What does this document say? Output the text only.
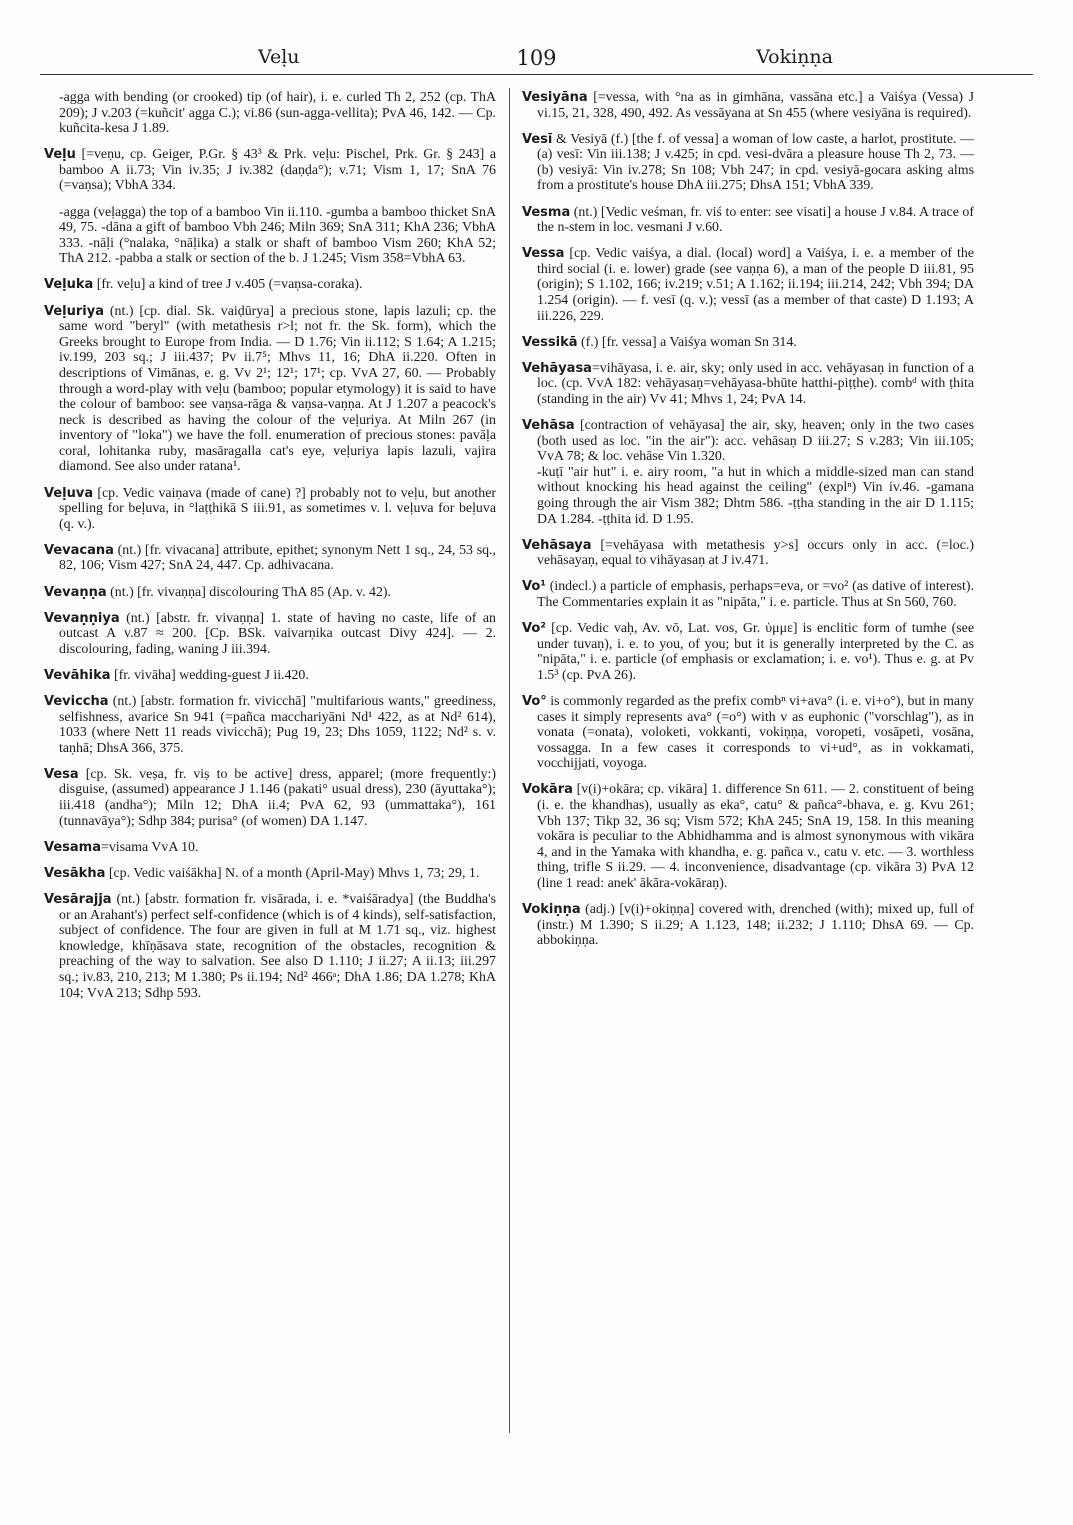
Veḷu	109	Vokiṇṇa

-agga with bending (or crooked) tip (of hair), i. e. curled Th 2, 252 (cp. ThA 209); J v.203 (=kuñcit' agga C.); vi.86 (sun-agga-vellita); PvA 46, 142. — Cp. kuñcita-kesa J 1.89.

Veḷu [=veṇu, cp. Geiger, P.Gr. § 43³ & Prk. veḷu: Pischel, Prk. Gr. § 243] a bamboo A ii.73; Vin iv.35; J iv.382 (daṇḍa°); v.71; Vism 1, 17; SnA 76 (=vaṇsa); VbhA 334.

-agga (veḷagga) the top of a bamboo Vin ii.110. -gumba a bamboo thicket SnA 49, 75. -dāna a gift of bamboo Vbh 246; Miln 369; SnA 311; KhA 236; VbhA 333. -nāḷi (°nalaka, °nāḷika) a stalk or shaft of bamboo Vism 260; KhA 52; ThA 212. -pabba a stalk or section of the b. J 1.245; Vism 358=VbhA 63.

Veḷuka [fr. veḷu] a kind of tree J v.405 (=vaṇsa-coraka).

Veḷuriya (nt.) [cp. dial. Sk. vaiḍūrya] a precious stone, lapis lazuli; cp. the same word "beryl" (with metathesis r>l; not fr. the Sk. form), which the Greeks brought to Europe from India. — D 1.76; Vin ii.112; S 1.64; A 1.215; iv.199, 203 sq.; J iii.437; Pv ii.7⁵; Mhvs 11, 16; DhA ii.220. Often in descriptions of Vimānas, e. g. Vv 2¹; 12¹; 17¹; cp. VvA 27, 60. — Probably through a word-play with veḷu (bamboo; popular etymology) it is said to have the colour of bamboo: see vaṇsa-rāga & vaṇsa-vaṇṇa. At J 1.207 a peacock's neck is described as having the colour of the veḷuriya. At Miln 267 (in inventory of "loka") we have the foll. enumeration of precious stones: pavāḷa coral, lohitanka ruby, masāragalla cat's eye, veḷuriya lapis lazuli, vajira diamond. See also under ratana¹.

Veḷuva [cp. Vedic vaiṇava (made of cane) ?] probably not to veḷu, but another spelling for beḷuva, in °laṭṭhikā S iii.91, as sometimes v. l. veḷuva for beḷuva (q. v.).

Vevacana (nt.) [fr. vivacana] attribute, epithet; synonym Nett 1 sq., 24, 53 sq., 82, 106; Vism 427; SnA 24, 447. Cp. adhivacana.

Vevaṇṇa (nt.) [fr. vivaṇṇa] discolouring ThA 85 (Ap. v. 42).

Vevaṇṇiya (nt.) [abstr. fr. vivaṇṇa] 1. state of having no caste, life of an outcast A v.87 ≈ 200. [Cp. BSk. vaivarṇika outcast Divy 424]. — 2. discolouring, fading, waning J iii.394.

Vevāhika [fr. vivāha] wedding-guest J ii.420.

Veviccha (nt.) [abstr. formation fr. vivicchā] "multifarious wants," greediness, selfishness, avarice Sn 941 (=pañca macchariyāni Nd¹ 422, as at Nd² 614), 1033 (where Nett 11 reads vivicchā); Pug 19, 23; Dhs 1059, 1122; Nd² s. v. taṇhā; DhsA 366, 375.

Vesa [cp. Sk. veṣa, fr. viṣ to be active] dress, apparel; (more frequently:) disguise, (assumed) appearance J 1.146 (pakati° usual dress), 230 (āyuttaka°); iii.418 (andha°); Miln 12; DhA ii.4; PvA 62, 93 (ummattaka°), 161 (tunnavāya°); Sdhp 384; purisa° (of women) DA 1.147.

Vesama=visama VvA 10.

Vesākha [cp. Vedic vaiśākha] N. of a month (April-May) Mhvs 1, 73; 29, 1.

Vesārajja (nt.) [abstr. formation fr. visārada, i. e. *vaiśāradya] (the Buddha's or an Arahant's) perfect self-confidence (which is of 4 kinds), self-satisfaction, subject of confidence. The four are given in full at M 1.71 sq., viz. highest knowledge, khīṇāsava state, recognition of the obstacles, recognition & preaching of the way to salvation. See also D 1.110; J ii.27; A ii.13; iii.297 sq.; iv.83, 210, 213; M 1.380; Ps ii.194; Nd² 466ᵃ; DhA 1.86; DA 1.278; KhA 104; VvA 213; Sdhp 593.

Vesiyāna [=vessa, with °na as in gimhāna, vassāna etc.] a Vaiśya (Vessa) J vi.15, 21, 328, 490, 492. As vessāyana at Sn 455 (where vesiyāna is required).

Vesī & Vesiyā (f.) [the f. of vessa] a woman of low caste, a harlot, prostitute. — (a) vesī: Vin iii.138; J v.425; in cpd. vesi-dvāra a pleasure house Th 2, 73. — (b) vesiyā: Vin iv.278; Sn 108; Vbh 247; in cpd. vesiyā-gocara asking alms from a prostitute's house DhA iii.275; DhsA 151; VbhA 339.

Vesma (nt.) [Vedic veśman, fr. viś to enter: see visati] a house J v.84. A trace of the n-stem in loc. vesmani J v.60.

Vessa [cp. Vedic vaiśya, a dial. (local) word] a Vaiśya, i. e. a member of the third social (i. e. lower) grade (see vaṇṇa 6), a man of the people D iii.81, 95 (origin); S 1.102, 166; iv.219; v.51; A 1.162; ii.194; iii.214, 242; Vbh 394; DA 1.254 (origin). — f. vesī (q. v.); vessī (as a member of that caste) D 1.193; A iii.226, 229.

Vessikā (f.) [fr. vessa] a Vaiśya woman Sn 314.

Vehāyasa=vihāyasa, i. e. air, sky; only used in acc. vehāyasaṇ in function of a loc. (cp. VvA 182: vehāyasaṇ=vehāyasa-bhūte hatthi-piṭṭhe). combᵈ with ṭhita (standing in the air) Vv 41; Mhvs 1, 24; PvA 14.

Vehāsa [contraction of vehāyasa] the air, sky, heaven; only in the two cases (both used as loc. "in the air"): acc. vehāsaṇ D iii.27; S v.283; Vin iii.105; VvA 78; & loc. vehāse Vin 1.320.

-kuṭī "air hut" i. e. airy room, "a hut in which a middle-sized man can stand without knocking his head against the ceiling" (explⁿ) Vin iv.46. -gamana going through the air Vism 382; Dhtm 586. -ṭṭha standing in the air D 1.115; DA 1.284. -ṭṭhita id. D 1.95.

Vehāsaya [=vehāyasa with metathesis y>s] occurs only in acc. (=loc.) vehāsayaṇ, equal to vihāyasaṇ at J iv.471.

Vo¹ (indecl.) a particle of emphasis, perhaps=eva, or =vo² (as dative of interest). The Commentaries explain it as "nipāta," i. e. particle. Thus at Sn 560, 760.

Vo² [cp. Vedic vaḥ, Av. vō, Lat. vos, Gr. ὑμμε] is enclitic form of tumhe (see under tuvaṇ), i. e. to you, of you; but it is generally interpreted by the C. as "nipāta," i. e. particle (of emphasis or exclamation; i. e. vo¹). Thus e. g. at Pv 1.5³ (cp. PvA 26).

Vo° is commonly regarded as the prefix combⁿ vi+ava° (i. e. vi+o°), but in many cases it simply represents ava° (=o°) with v as euphonic ("vorschlag"), as in vonata (=onata), voloketi, vokkanti, vokiṇṇa, voropeti, vosāpeti, vosāna, vossagga. In a few cases it corresponds to vi+ud°, as in vokkamati, vocchijjati, voyoga.

Vokāra [v(i)+okāra; cp. vikāra] 1. difference Sn 611. — 2. constituent of being (i. e. the khandhas), usually as eka°, catu° & pañca°-bhava, e. g. Kvu 261; Vbh 137; Tikp 32, 36 sq; Vism 572; KhA 245; SnA 19, 158. In this meaning vokāra is peculiar to the Abhidhamma and is almost synonymous with vikāra 4, and in the Yamaka with khandha, e. g. pañca v., catu v. etc. — 3. worthless thing, trifle S ii.29. — 4. inconvenience, disadvantage (cp. vikāra 3) PvA 12 (line 1 read: anek' ākāra-vokāraṇ).

Vokiṇṇa (adj.) [v(i)+okiṇṇa] covered with, drenched (with); mixed up, full of (instr.) M 1.390; S ii.29; A 1.123, 148; ii.232; J 1.110; DhsA 69. — Cp. abbokiṇṇa.
